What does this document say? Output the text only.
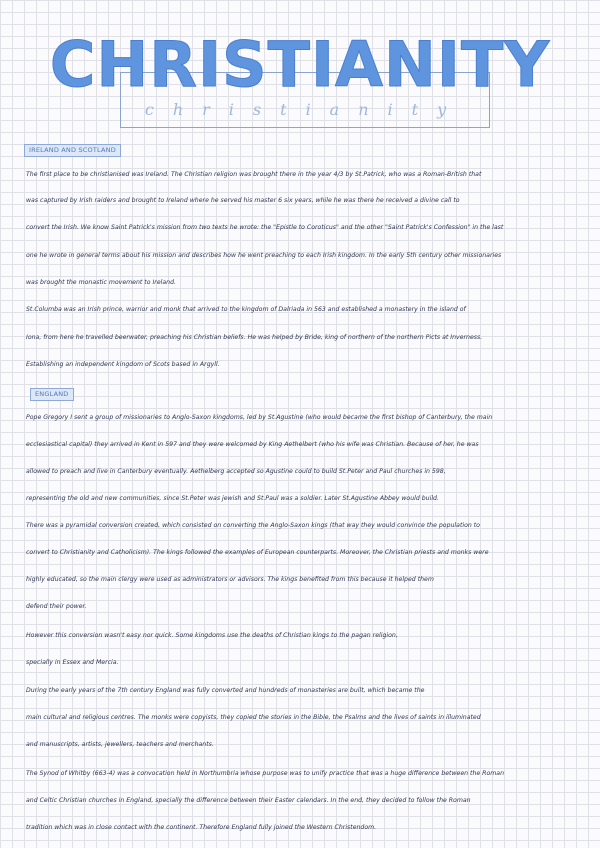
CHRISTIANITY
christianity
IRELAND AND SCOTLAND
The first place to be christianised was Ireland. The Christian religion was brought there in the year 4/3 by St.Patrick, who was a Roman-British that
was captured by Irish raiders and brought to Ireland where he served his master 6 six years, while he was there he received a divine call to
convert the Irish. We know Saint Patrick's mission from two texts he wrote: the "Epistle to Coroticus" and the other "Saint Patrick's Confession" in the last
one he wrote in general terms about his mission and describes how he went preaching to each Irish kingdom. In the early 5th century other missionaries
was brought the monastic movement to Ireland.
St.Columba was an Irish prince, warrior and monk that arrived to the kingdom of Dalriada in 563 and established a monastery in the island of
Iona, from here he travelled beerwater, preaching his Christian beliefs. He was helped by Bride, king of northern of the northern Picts at Inverness.
Establishing an independent kingdom of Scots based in Argyll.
ENGLAND
Pope Gregory I sent a group of missionaries to Anglo-Saxon kingdoms, led by St.Agustine (who would became the first bishop of Canterbury, the main
ecclesiastical capital) they arrived in Kent in 597 and they were welcomed by King Aethelbert (who his wife was Christian. Because of her, he was
allowed to preach and live in Canterbury eventually. Aethelberg accepted so Agustine could to build St.Peter and Paul churches in 598,
representing the old and new communities, since St.Peter was jewish and St.Paul was a soldier. Later St.Agustine Abbey would build.
There was a pyramidal conversion created, which consisted on converting the Anglo-Saxon kings (that way they would convince the population to
convert to Christianity and Catholicism). The kings followed the examples of European counterparts. Moreover, the Christian priests and monks were
highly educated, so the main clergy were used as administrators or advisors. The kings benefited from this because it helped them
defend their power.
However this conversion wasn't easy nor quick. Some kingdoms use the deaths of Christian kings to the pagan religion,
specially in Essex and Mercia.
During the early years of the 7th century England was fully converted and hundreds of monasteries are built, which became the
main cultural and religious centres. The monks were copyists, they copied the stories in the Bible, the Psalms and the lives of saints in illuminated
and manuscripts, artists, jewellers, teachers and merchants.
The Synod of Whitby (663-4) was a convocation held in Northumbria whose purpose was to unify practice that was a huge difference between the Roman
and Celtic Christian churches in England, specially the difference between their Easter calendars. In the end, they decided to follow the Roman
tradition which was in close contact with the continent. Therefore England fully joined the Western Christendom.
